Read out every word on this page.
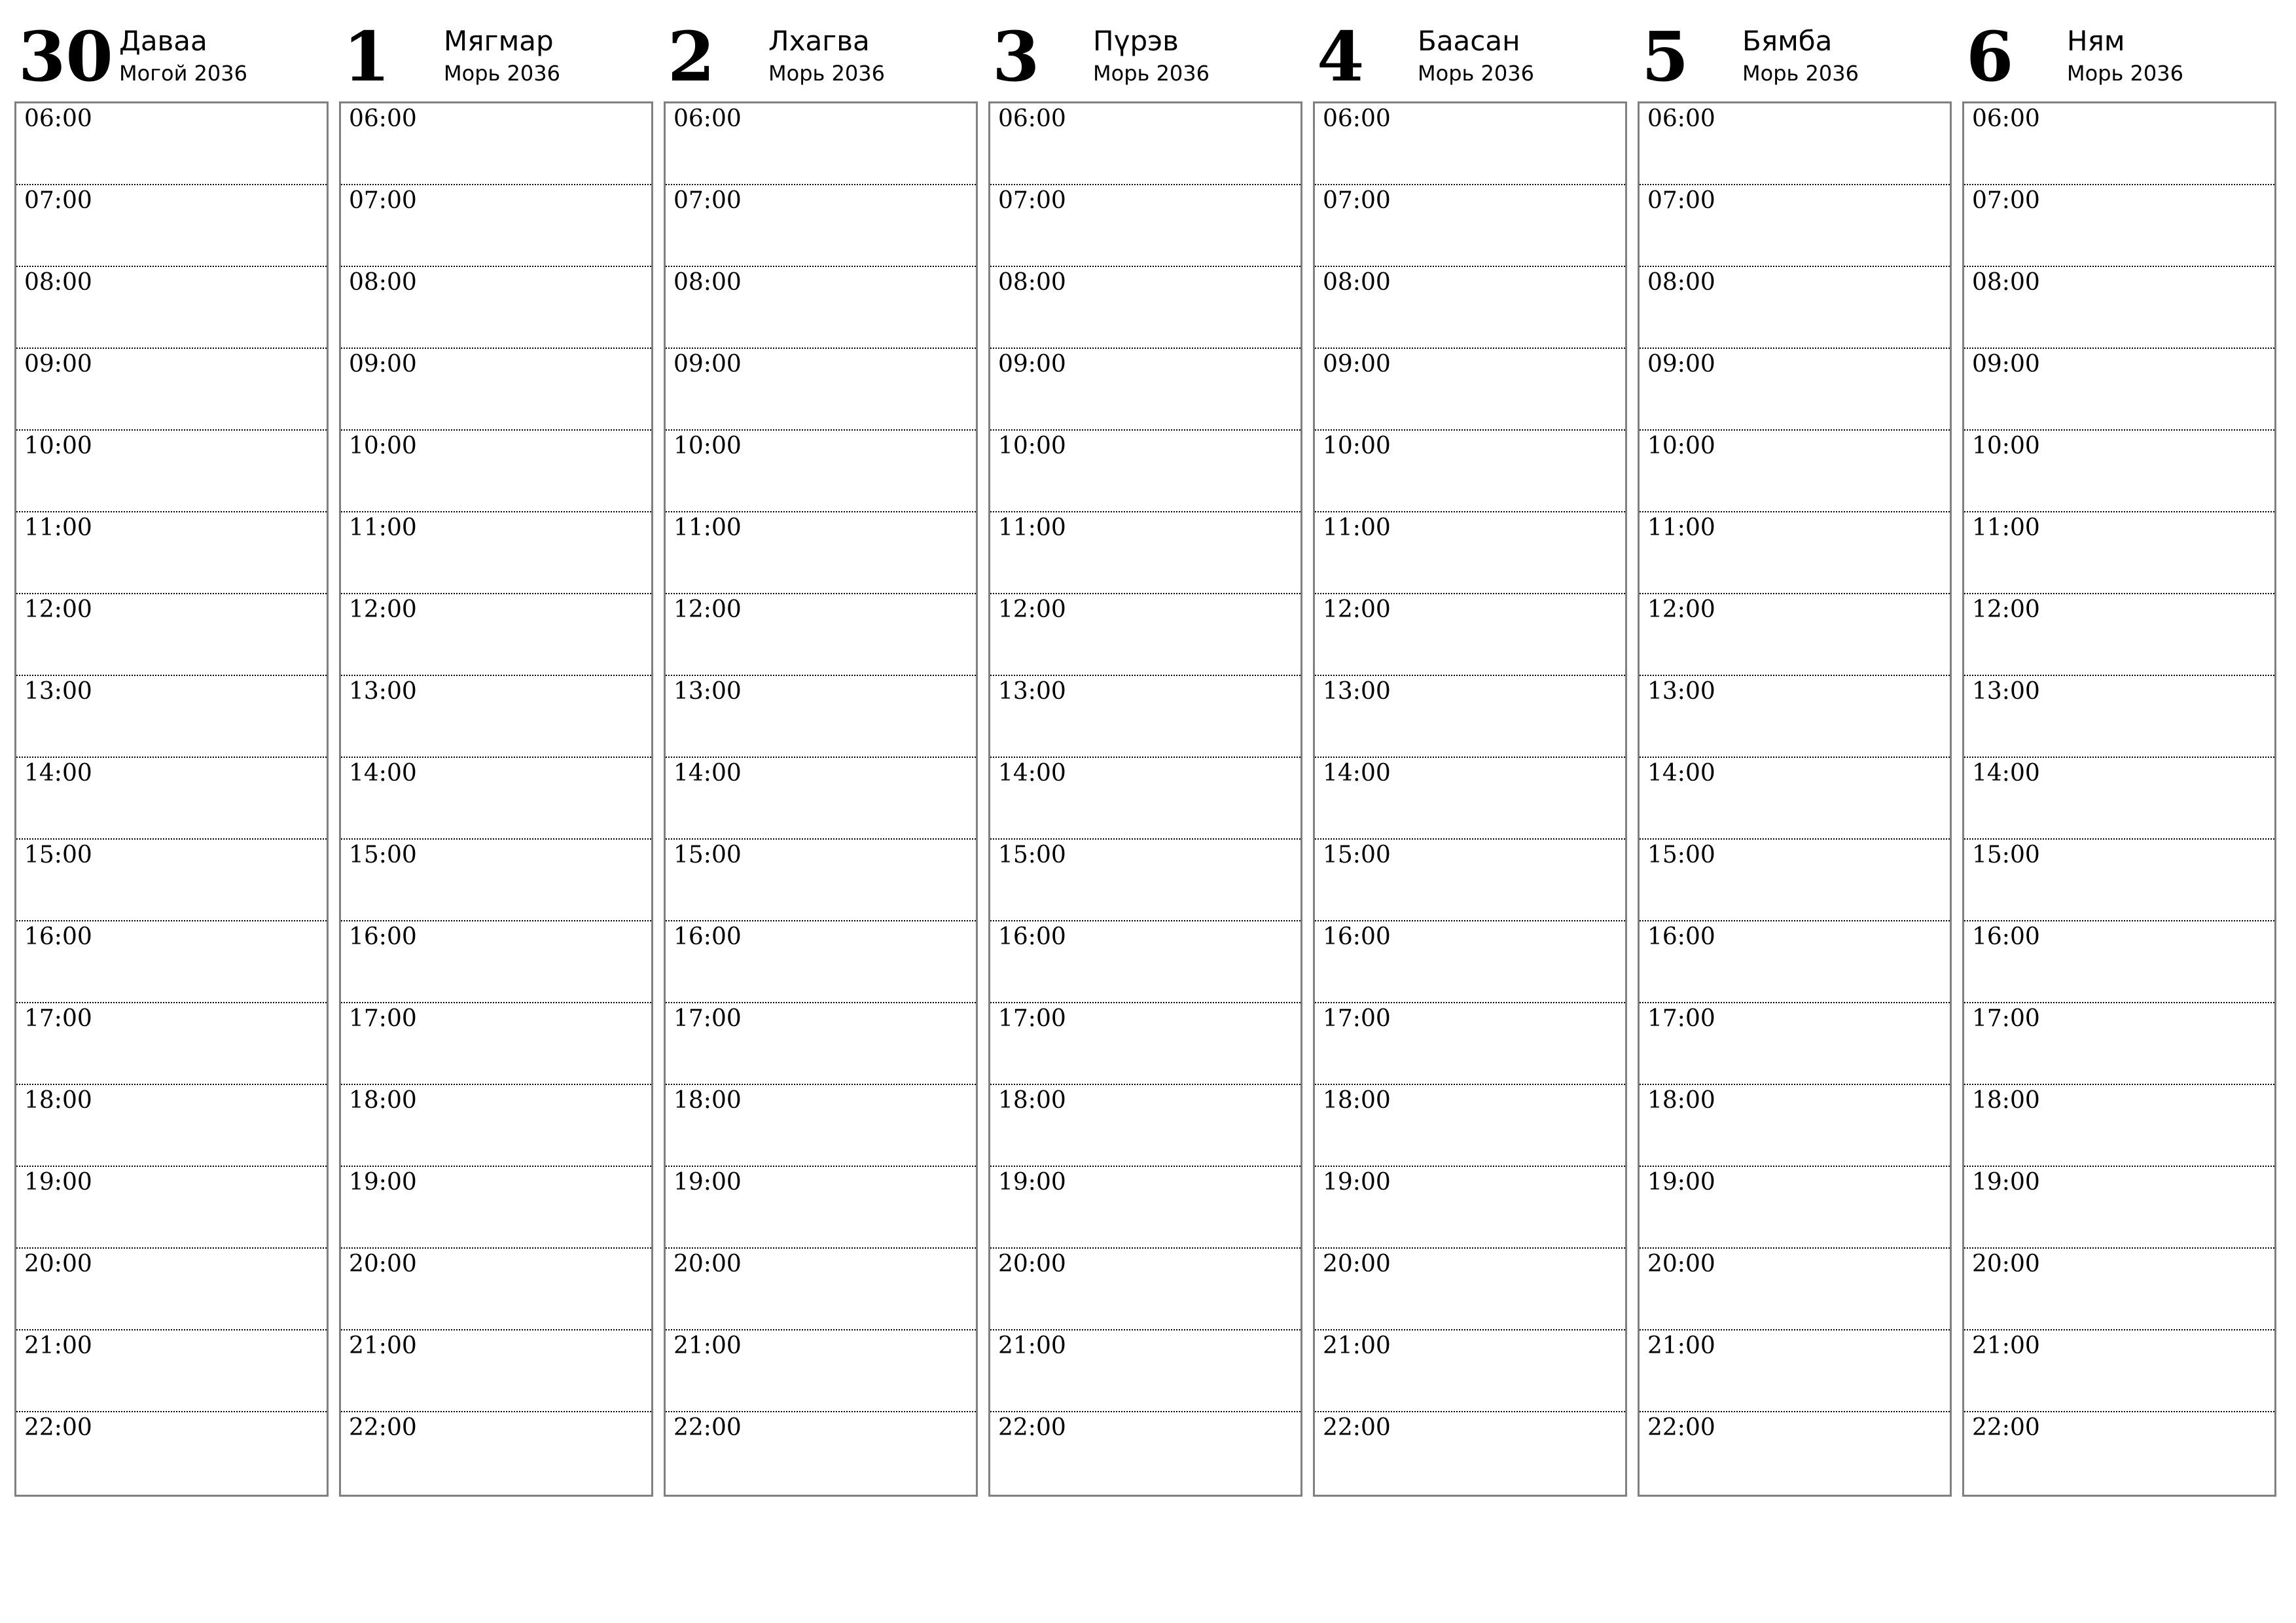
30 Даваа
Могой 2036
06:00
07:00
08:00
09:00
10:00
11:00
12:00
13:00
14:00
15:00
16:00
17:00
18:00
19:00
20:00
21:00
22:00
1 Мягмар
Морь 2036
06:00
07:00
08:00
09:00
10:00
11:00
12:00
13:00
14:00
15:00
16:00
17:00
18:00
19:00
20:00
21:00
22:00
2 Лхагва
Морь 2036
06:00
07:00
08:00
09:00
10:00
11:00
12:00
13:00
14:00
15:00
16:00
17:00
18:00
19:00
20:00
21:00
22:00
3 Пүрэв
Морь 2036
06:00
07:00
08:00
09:00
10:00
11:00
12:00
13:00
14:00
15:00
16:00
17:00
18:00
19:00
20:00
21:00
22:00
4 Баасан
Морь 2036
06:00
07:00
08:00
09:00
10:00
11:00
12:00
13:00
14:00
15:00
16:00
17:00
18:00
19:00
20:00
21:00
22:00
5 Бямба
Морь 2036
06:00
07:00
08:00
09:00
10:00
11:00
12:00
13:00
14:00
15:00
16:00
17:00
18:00
19:00
20:00
21:00
22:00
6 Ням
Морь 2036
06:00
07:00
08:00
09:00
10:00
11:00
12:00
13:00
14:00
15:00
16:00
17:00
18:00
19:00
20:00
21:00
22:00
